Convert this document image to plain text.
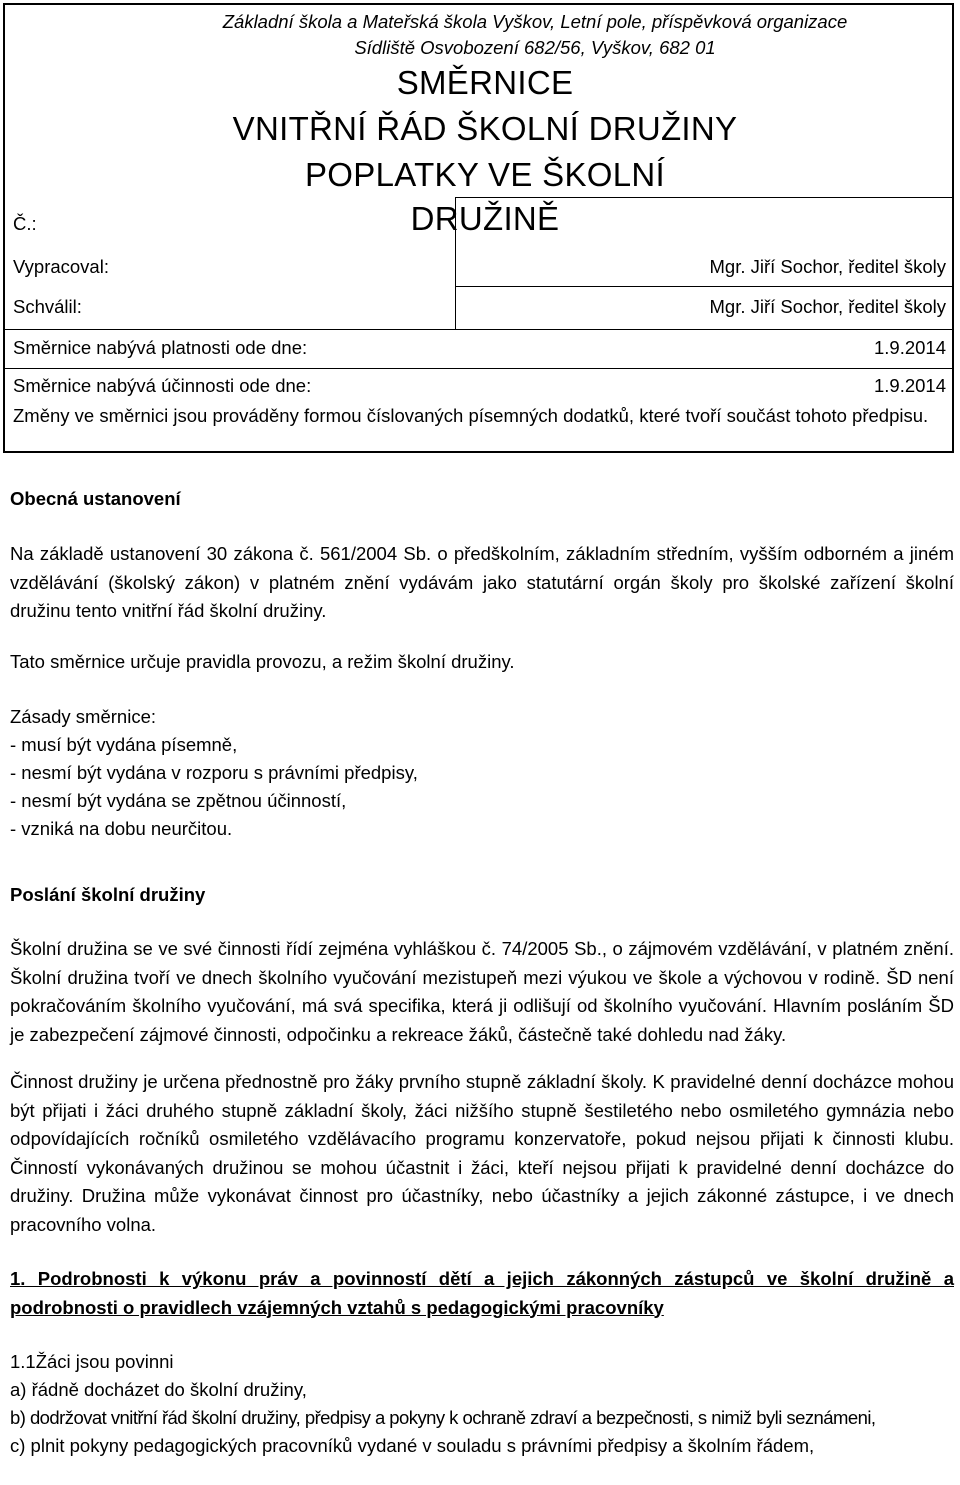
Základní škola a Mateřská škola Vyškov, Letní pole, příspěvková organizace
Sídliště Osvobození 682/56, Vyškov, 682 01
SMĚRNICE
VNITŘNÍ ŘÁD ŠKOLNÍ DRUŽINY
POPLATKY VE ŠKOLNÍ DRUŽINĚ
Č.:
Vypracoval:	Mgr. Jiří Sochor, ředitel školy
Schválil:	Mgr. Jiří Sochor, ředitel školy
Směrnice nabývá platnosti ode dne:	1.9.2014
Směrnice nabývá účinnosti ode dne:	1.9.2014
Změny ve směrnici jsou prováděny formou číslovaných písemných dodatků, které tvoří součást tohoto předpisu.
Obecná ustanovení

Na základě ustanovení 30 zákona č. 561/2004 Sb. o předškolním, základním středním, vyšším odborném a jiném vzdělávání (školský zákon) v platném znění vydávám jako statutární orgán školy pro školské zařízení školní družinu tento vnitřní řád školní družiny.

Tato směrnice určuje pravidla provozu, a režim školní družiny.
Zásady směrnice:
- musí být vydána písemně,
- nesmí být vydána v rozporu s právními předpisy,
- nesmí být vydána se zpětnou účinností,
- vzniká na dobu neurčitou.
Poslání školní družiny

Školní družina se ve své činnosti řídí zejména vyhláškou č. 74/2005 Sb., o zájmovém vzdělávání, v platném znění. Školní družina tvoří ve dnech školního vyučování mezistupeň mezi výukou ve škole a výchovou v rodině. ŠD není pokračováním školního vyučování, má svá specifika, která ji odlišují od školního vyučování. Hlavním posláním ŠD je zabezpečení zájmové činnosti, odpočinku a rekreace žáků, částečně také dohledu nad žáky.

Činnost družiny je určena přednostně pro žáky prvního stupně základní školy. K pravidelné denní docházce mohou být přijati i žáci druhého stupně základní školy, žáci nižšího stupně šestiletého nebo osmiletého gymnázia nebo odpovídajících ročníků osmiletého vzdělávacího programu konzervatoře, pokud nejsou přijati k činnosti klubu. Činností vykonávaných družinou se mohou účastnit i žáci, kteří nejsou přijati k pravidelné denní docházce do družiny. Družina může vykonávat činnost pro účastníky, nebo účastníky a jejich zákonné zástupce, i ve dnech pracovního volna.

1. Podrobnosti k výkonu práv a povinností dětí a jejich zákonných zástupců ve školní družině a podrobnosti o pravidlech vzájemných vztahů s pedagogickými pracovníky

1.1Žáci jsou povinni
a) řádně docházet do školní družiny,
b) dodržovat vnitřní řád školní družiny, předpisy a pokyny k ochraně zdraví a bezpečnosti, s nimiž byli seznámeni,

c) plnit pokyny pedagogických pracovníků vydané v souladu s právními předpisy a školním řádem,
